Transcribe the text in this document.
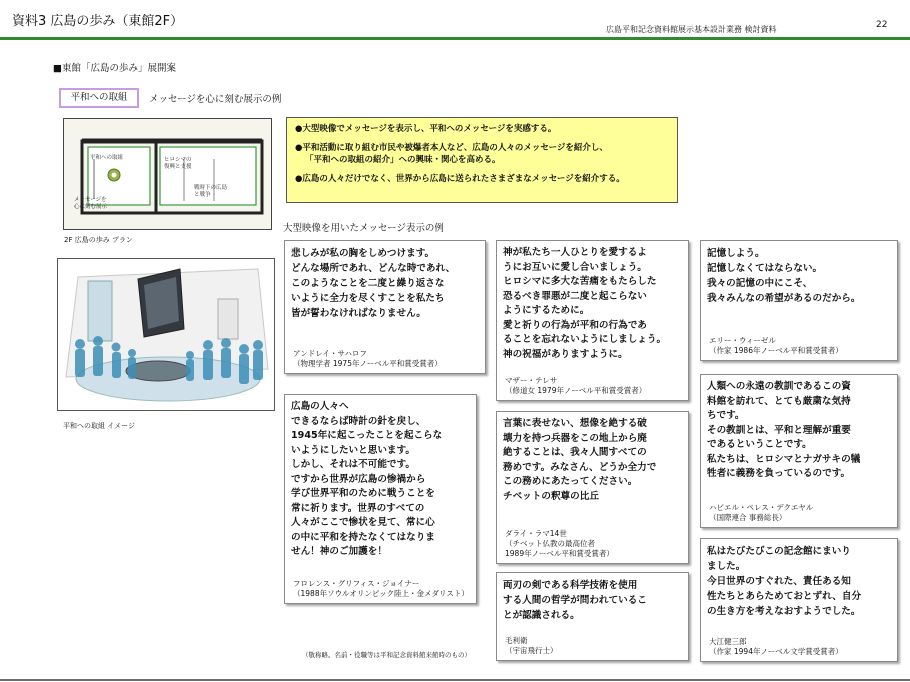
資料3 広島の歩み（東館2F）
広島平和記念資料館展示基本設計業務 検討資料	22
■東館「広島の歩み」展開案
平和への取組	メッセージを心に刻む展示の例
平和への取組	ヒロシマの
復興と支援
戦時下の広島
と戦争
メッセージを
心に刻む展示
2F 広島の歩み プラン
平和への取組 イメージ

●大型映像でメッセージを表示し、平和へのメッセージを実感する。

●平和活動に取り組む市民や被爆者本人など、広島の人々のメッセージを紹介し、
「平和への取組の紹介」への興味・関心を高める。

●広島の人々だけでなく、世界から広島に送られたさまざまなメッセージを紹介する。

大型映像を用いたメッセージ表示の例
悲しみが私の胸をしめつけます。
どんな場所であれ、どんな時であれ、
このようなことを二度と繰り返さな
いように全力を尽くすことを私たち
皆が誓わなければなりません。
アンドレイ・サハロフ
（物理学者 1975年ノーベル平和賞受賞者）
神が私たち一人ひとりを愛するよ
うにお互いに愛し合いましょう。
ヒロシマに多大な苦痛をもたらした
恐るべき罪悪が二度と起こらない
ようにするために。
愛と祈りの行為が平和の行為であ
ることを忘れないようにしましょう。
神の祝福がありますように。
マザー・テレサ
（修道女 1979年ノーベル平和賞受賞者）
記憶しよう。
記憶しなくてはならない。
我々の記憶の中にこそ、
我々みんなの希望があるのだから。
エリー・ウィーゼル
（作家 1986年ノーベル平和賞受賞者）
広島の人々へ
できるならば時計の針を戻し、
1945年に起こったことを起こらな
いようにしたいと思います。
しかし、それは不可能です。
ですから世界が広島の惨禍から
学び世界平和のために戦うことを
常に祈ります。世界のすべての
人々がここで惨状を見て、常に心
の中に平和を持たなくてはなりま
せん！神のご加護を！
フロレンス・グリフィス・ジョイナー
（1988年ソウルオリンピック陸上・金メダリスト）
言葉に表せない、想像を絶する破
壊力を持つ兵器をこの地上から廃
絶することは、我々人間すべての
務めです。みなさん、どうか全力で
この務めにあたってください。
チベットの釈尊の比丘
ダライ・ラマ14世
（チベット仏教の最高位者
1989年ノーベル平和賞受賞者）
人類への永遠の教訓であるこの資
料館を訪れて、とても厳粛な気持
ちです。
その教訓とは、平和と理解が重要
であるということです。
私たちは、ヒロシマとナガサキの犠
牲者に義務を負っているのです。
ハビエル・ペレス・デクエヤル
（国際連合 事務総長）
両刃の剣である科学技術を使用
する人間の哲学が問われているこ
とが認識される。
毛利衛
（宇宙飛行士）
私はたびたびこの記念館にまいり
ました。
今日世界のすぐれた、責任ある知
性たちとあらためておとずれ、自分
の生き方を考えなおすようでした。
大江健三郎
（作家 1994年ノーベル文学賞受賞者）
（敬称略。名前・役職等は平和記念資料館来館時のもの）
